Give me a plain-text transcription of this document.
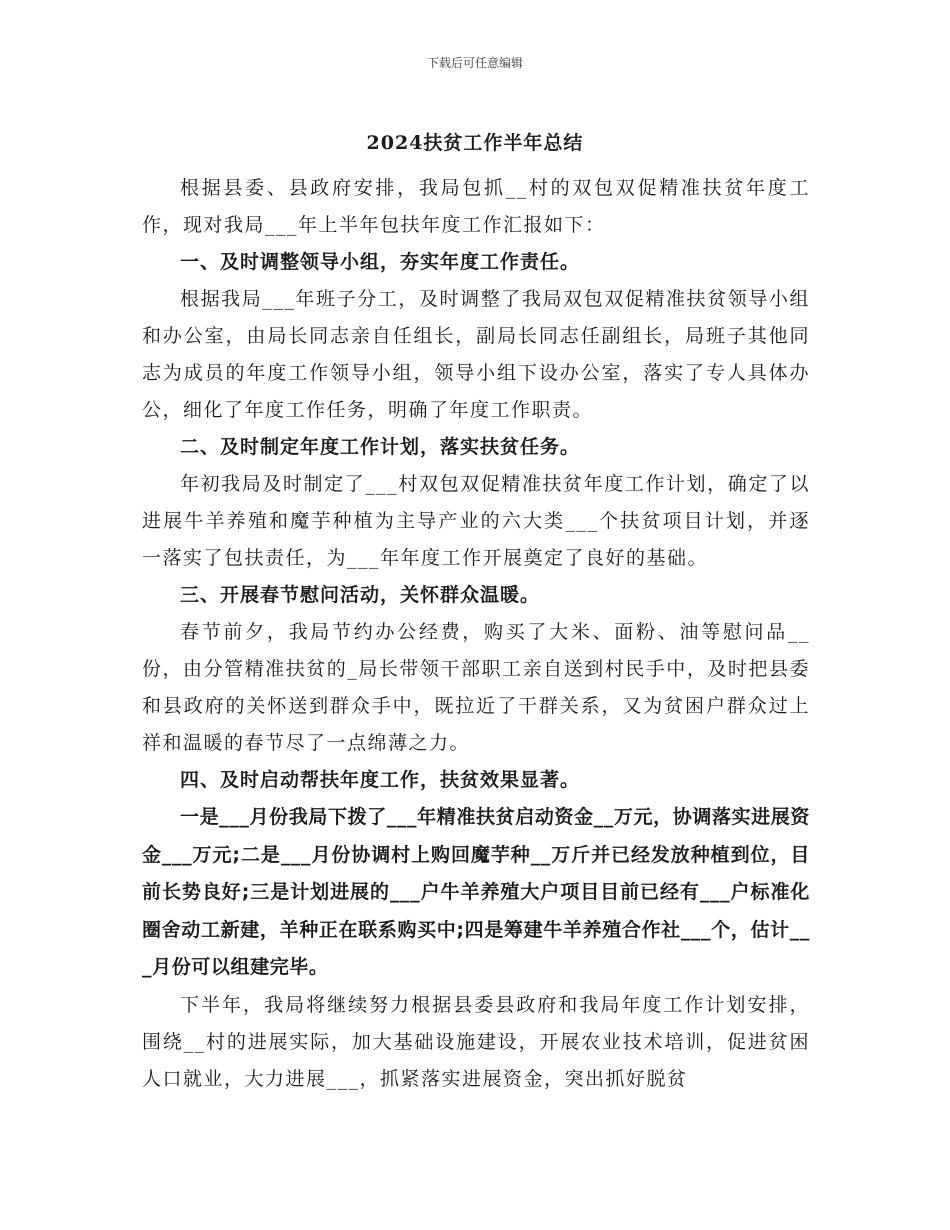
下载后可任意编辑
2024扶贫工作半年总结

根据县委、县政府安排，我局包抓__村的双包双促精准扶贫年度工作，现对我局___年上半年包扶年度工作汇报如下：

一、及时调整领导小组，夯实年度工作责任。

根据我局___年班子分工，及时调整了我局双包双促精准扶贫领导小组和办公室，由局长同志亲自任组长，副局长同志任副组长，局班子其他同志为成员的年度工作领导小组，领导小组下设办公室，落实了专人具体办公，细化了年度工作任务，明确了年度工作职责。

二、及时制定年度工作计划，落实扶贫任务。

年初我局及时制定了___村双包双促精准扶贫年度工作计划，确定了以进展牛羊养殖和魔芋种植为主导产业的六大类___个扶贫项目计划，并逐一落实了包扶责任，为___年年度工作开展奠定了良好的基础。

三、开展春节慰问活动，关怀群众温暖。

春节前夕，我局节约办公经费，购买了大米、面粉、油等慰问品__份，由分管精准扶贫的_局长带领干部职工亲自送到村民手中，及时把县委和县政府的关怀送到群众手中，既拉近了干群关系，又为贫困户群众过上祥和温暖的春节尽了一点绵薄之力。

四、及时启动帮扶年度工作，扶贫效果显著。

一是___月份我局下拨了___年精准扶贫启动资金__万元，协调落实进展资金___万元;二是___月份协调村上购回魔芋种__万斤并已经发放种植到位，目前长势良好;三是计划进展的___户牛羊养殖大户项目目前已经有___户标准化圈舍动工新建，羊种正在联系购买中;四是筹建牛羊养殖合作社___个，估计___月份可以组建完毕。

下半年，我局将继续努力根据县委县政府和我局年度工作计划安排，围绕__村的进展实际，加大基础设施建设，开展农业技术培训，促进贫困人口就业，大力进展___，抓紧落实进展资金，突出抓好脱贫
